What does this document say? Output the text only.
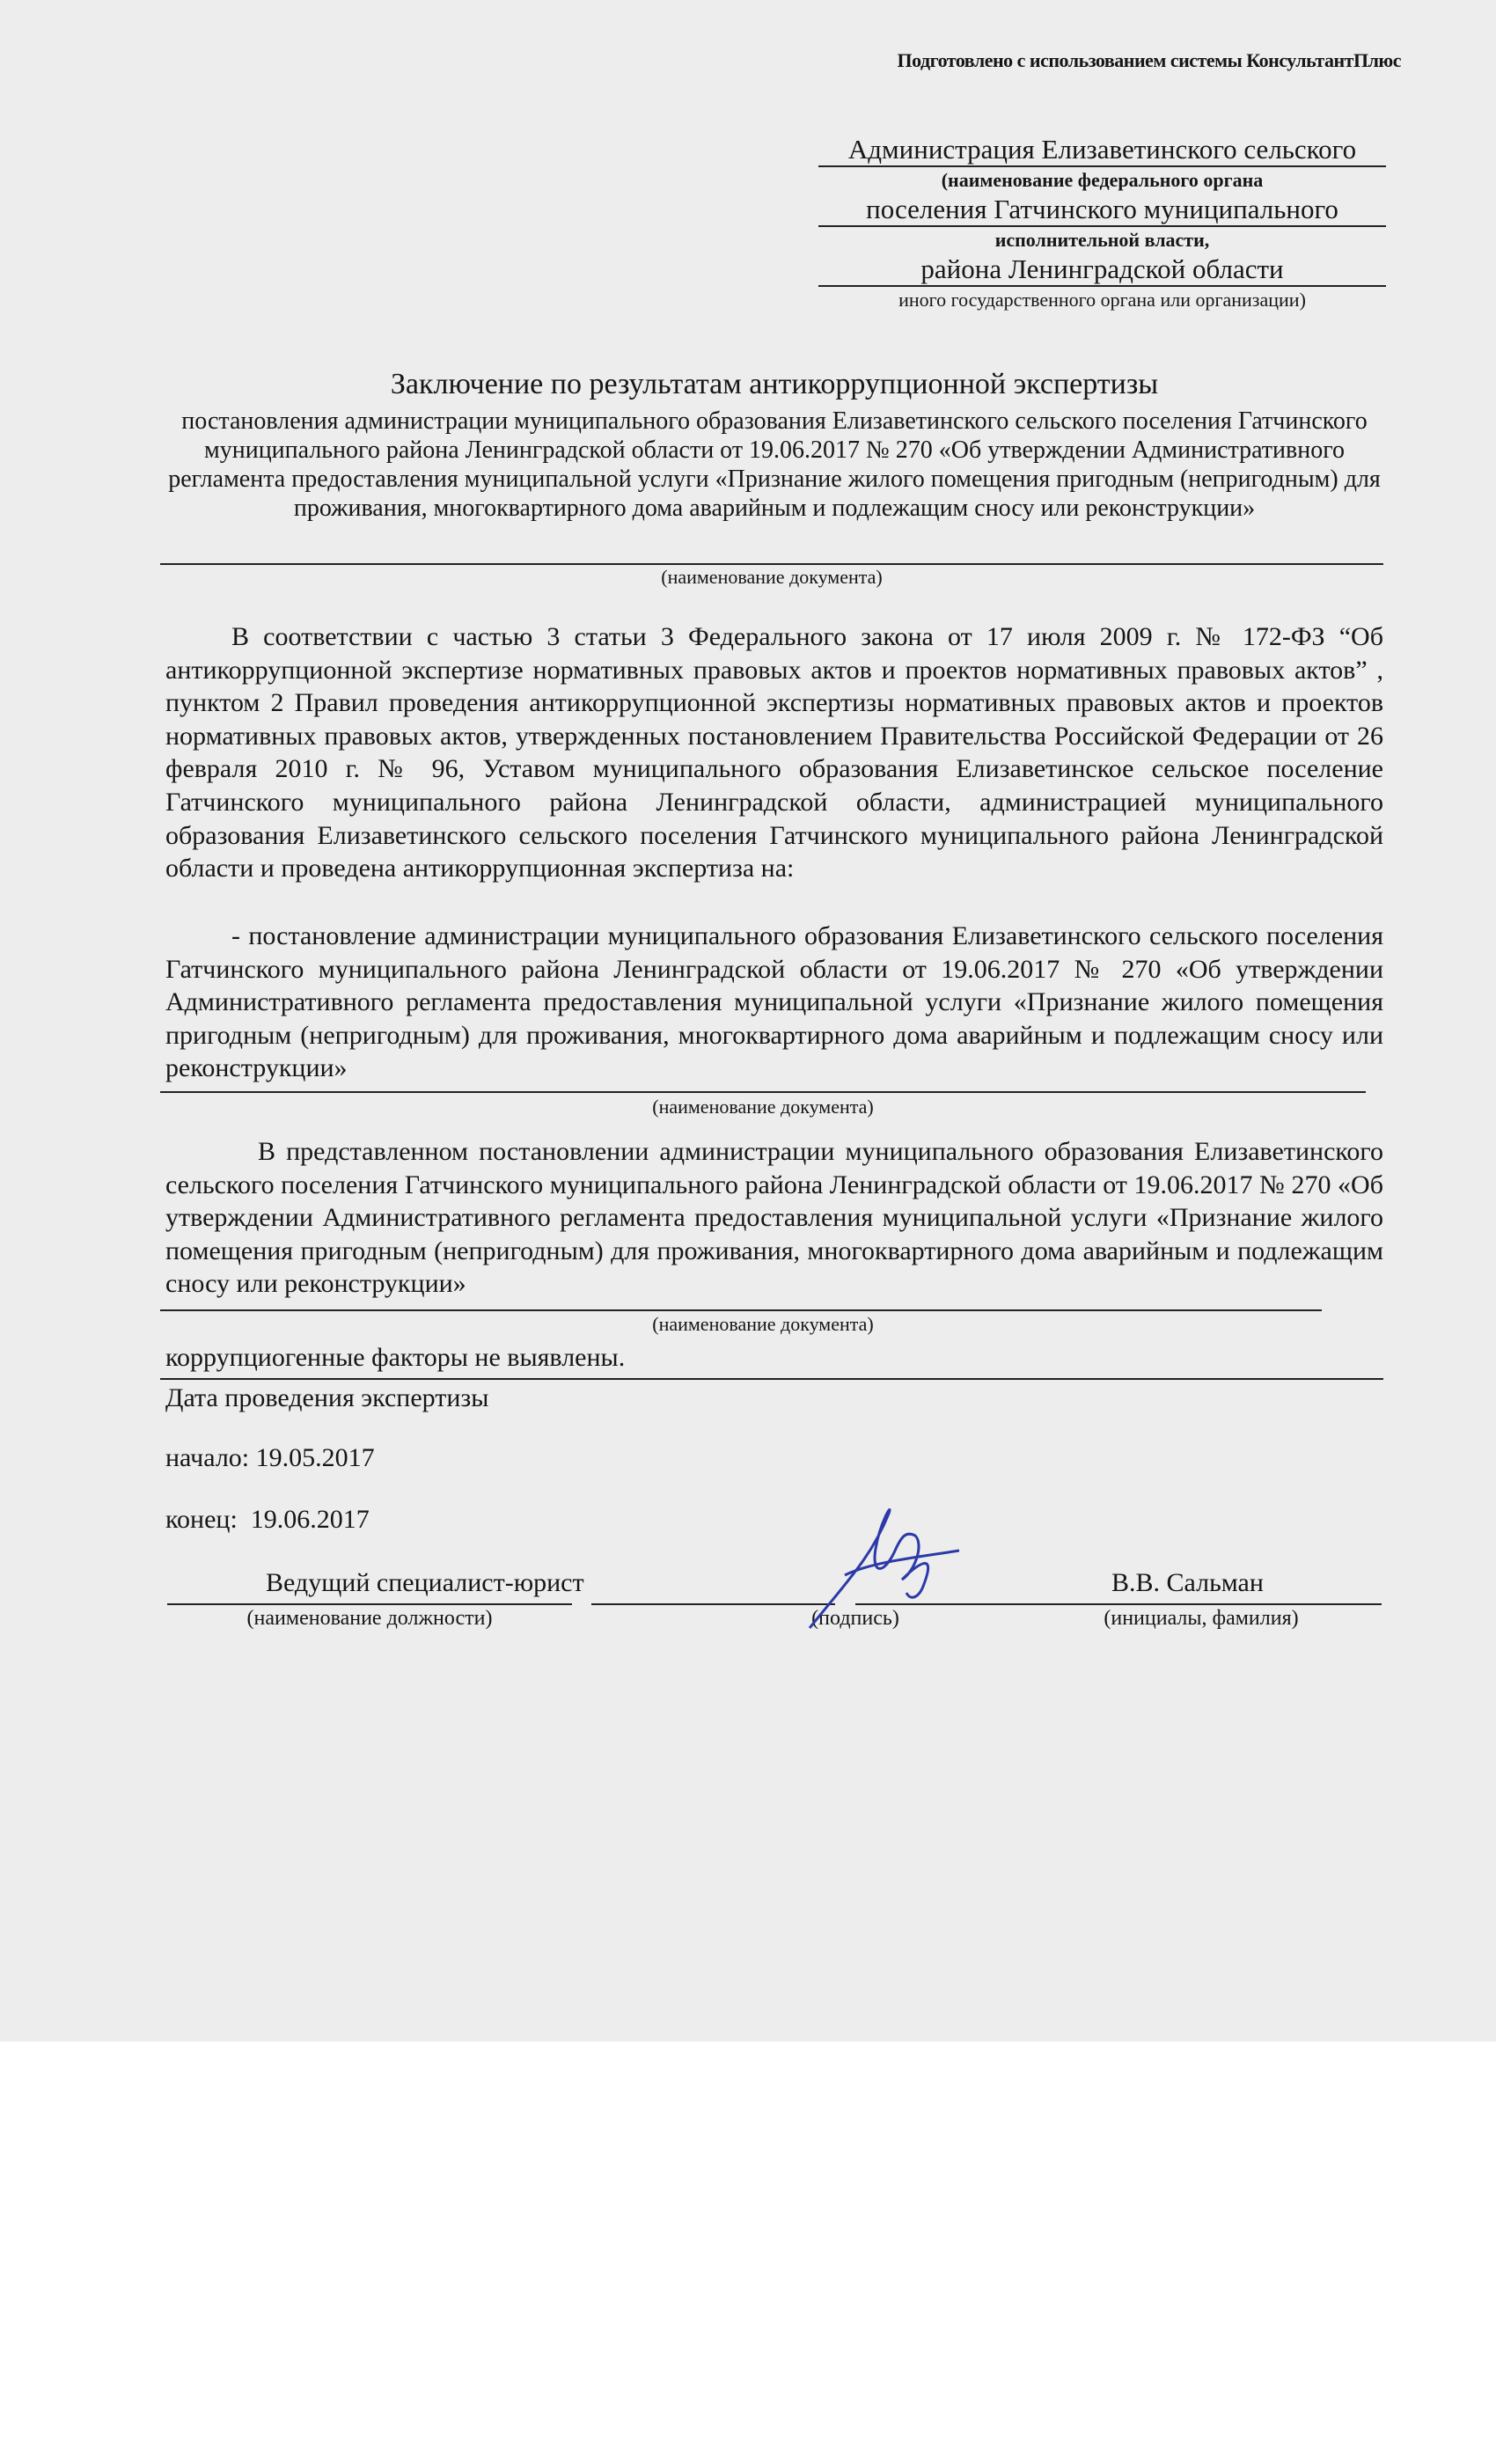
Подготовлено с использованием системы КонсультантПлюс
Администрация Елизаветинского сельского
(наименование федерального органа
поселения Гатчинского муниципального
исполнительной власти,
района Ленинградской области
иного государственного органа или организации)
Заключение по результатам антикоррупционной экспертизы
постановления администрации муниципального образования Елизаветинского сельского поселения Гатчинского муниципального района Ленинградской области от 19.06.2017 № 270 «Об утверждении Административного регламента предоставления муниципальной услуги «Признание жилого помещения пригодным (непригодным) для проживания, многоквартирного дома аварийным и подлежащим сносу или реконструкции»
(наименование документа)
В соответствии с частью 3 статьи 3 Федерального закона от 17 июля 2009 г. № 172-ФЗ “Об антикоррупционной экспертизе нормативных правовых актов и проектов нормативных правовых актов” , пунктом 2 Правил проведения антикоррупционной экспертизы нормативных правовых актов и проектов нормативных правовых актов, утвержденных постановлением Правительства Российской Федерации от 26 февраля 2010 г. № 96, Уставом муниципального образования Елизаветинское сельское поселение Гатчинского муниципального района Ленинградской области, администрацией муниципального образования Елизаветинского сельского поселения Гатчинского муниципального района Ленинградской области и проведена антикоррупционная экспертиза на:
- постановление администрации муниципального образования Елизаветинского сельского поселения Гатчинского муниципального района Ленинградской области от 19.06.2017 № 270 «Об утверждении Административного регламента предоставления муниципальной услуги «Признание жилого помещения пригодным (непригодным) для проживания, многоквартирного дома аварийным и подлежащим сносу или реконструкции»
(наименование документа)
В представленном постановлении администрации муниципального образования Елизаветинского сельского поселения Гатчинского муниципального района Ленинградской области от 19.06.2017 № 270 «Об утверждении Административного регламента предоставления муниципальной услуги «Признание жилого помещения пригодным (непригодным) для проживания, многоквартирного дома аварийным и подлежащим сносу или реконструкции»
(наименование документа)
коррупциогенные факторы не выявлены.
Дата проведения экспертизы
начало: 19.05.2017
конец:  19.06.2017
Ведущий специалист-юрист	В.В. Сальман
(наименование должности)	(подпись)	(инициалы, фамилия)
